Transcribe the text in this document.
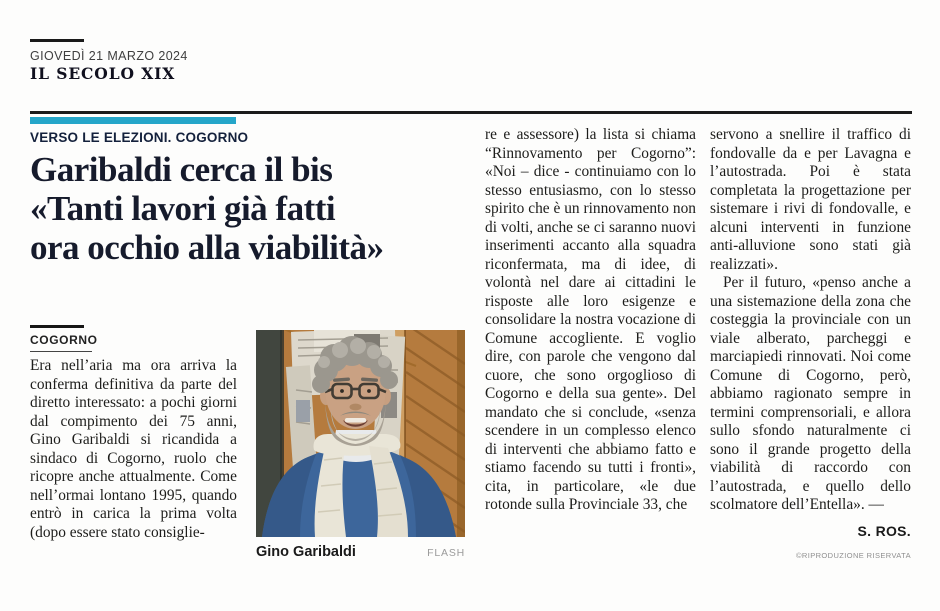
GIOVEDÌ 21 MARZO 2024
IL SECOLO XIX
VERSO LE ELEZIONI. COGORNO
Garibaldi cerca il bis
«Tanti lavori già fatti
ora occhio alla viabilità»
COGORNO
Era nell’aria ma ora arriva la conferma definitiva da parte del diretto interessato: a pochi giorni dal compimento dei 75 anni, Gino Garibaldi si ricandida a sindaco di Cogorno, ruolo che ricopre anche attualmente. Come nell’ormai lontano 1995, quando entrò in carica la prima volta (dopo essere stato consiglie-
re e assessore) la lista si chiama “Rinnovamento per Cogorno”: «Noi – dice - continuiamo con lo stesso entusiasmo, con lo stesso spirito che è un rinnovamento non di volti, anche se ci saranno nuovi inserimenti accanto alla squadra riconfermata, ma di idee, di volontà nel dare ai cittadini le risposte alle loro esigenze e consolidare la nostra vocazione di Comune accogliente. E voglio dire, con parole che vengono dal cuore, che sono orgoglioso di Cogorno e della sua gente». Del mandato che si conclude, «senza scendere in un complesso elenco di interventi che abbiamo fatto e stiamo facendo su tutti i fronti», cita, in particolare, «le due rotonde sulla Provinciale 33, che
servono a snellire il traffico di fondovalle da e per Lavagna e l’autostrada. Poi è stata completata la progettazione per sistemare i rivi di fondovalle, e alcuni interventi in funzione anti-alluvione sono stati già realizzati».
Per il futuro, «penso anche a una sistemazione della zona che costeggia la provinciale con un viale alberato, parcheggi e marciapiedi rinnovati. Noi come Comune di Cogorno, però, abbiamo ragionato sempre in termini comprensoriali, e allora sullo sfondo naturalmente ci sono il grande progetto della viabilità di raccordo con l’autostrada, e quello dello scolmatore dell’Entella». —
S. ROS.
©RIPRODUZIONE RISERVATA
Gino Garibaldi	FLASH
